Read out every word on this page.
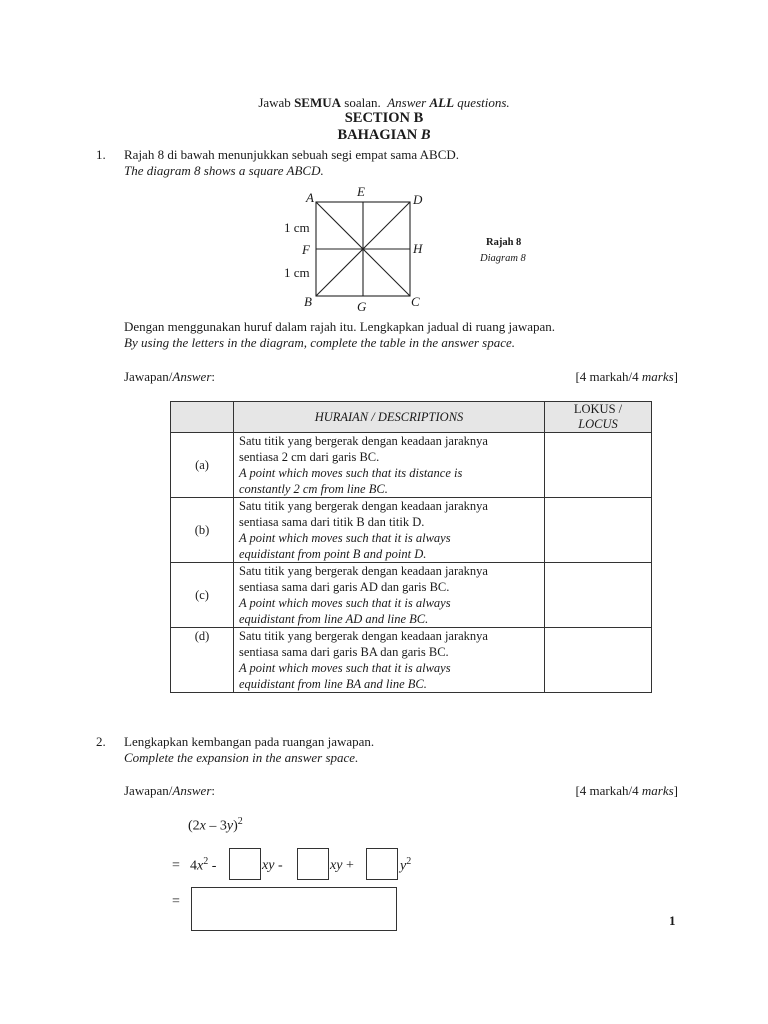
Jawab SEMUA soalan. Answer ALL questions.
SECTION B
BAHAGIAN B
1. Rajah 8 di bawah menunjukkan sebuah segi empat sama ABCD.
The diagram 8 shows a square ABCD.
A	E
D
F	H
B	G	C
1 cm
1 cm
Rajah 8
Diagram 8
Dengan menggunakan huruf dalam rajah itu. Lengkapkan jadual di ruang jawapan.
By using the letters in the diagram, complete the table in the answer space.
Jawapan/Answer:	[4 markah/4 marks]
	HURAIAN / DESCRIPTIONS	LOKUS /
LOCUS

(a)	Satu titik yang bergerak dengan keadaan jaraknya
sentiasa 2 cm dari garis BC.
A point which moves such that its distance is
constantly 2 cm from line BC.	

(b)	Satu titik yang bergerak dengan keadaan jaraknya
sentiasa sama dari titik B dan titik D.
A point which moves such that it is always
equidistant from point B and point D.	

(c)	Satu titik yang bergerak dengan keadaan jaraknya
sentiasa sama dari garis AD dan garis BC.
A point which moves such that it is always
equidistant from line AD and line BC.	

(d)	Satu titik yang bergerak dengan keadaan jaraknya
sentiasa sama dari garis BA dan garis BC.
A point which moves such that it is always
equidistant from line BA and line BC.	

2. Lengkapkan kembangan pada ruangan jawapan.
Complete the expansion in the answer space.
Jawapan/Answer:	[4 markah/4 marks]
(2x – 3y)$^2$
= $4x^2$ -	xy -	xy +	$y^2$
=
1
